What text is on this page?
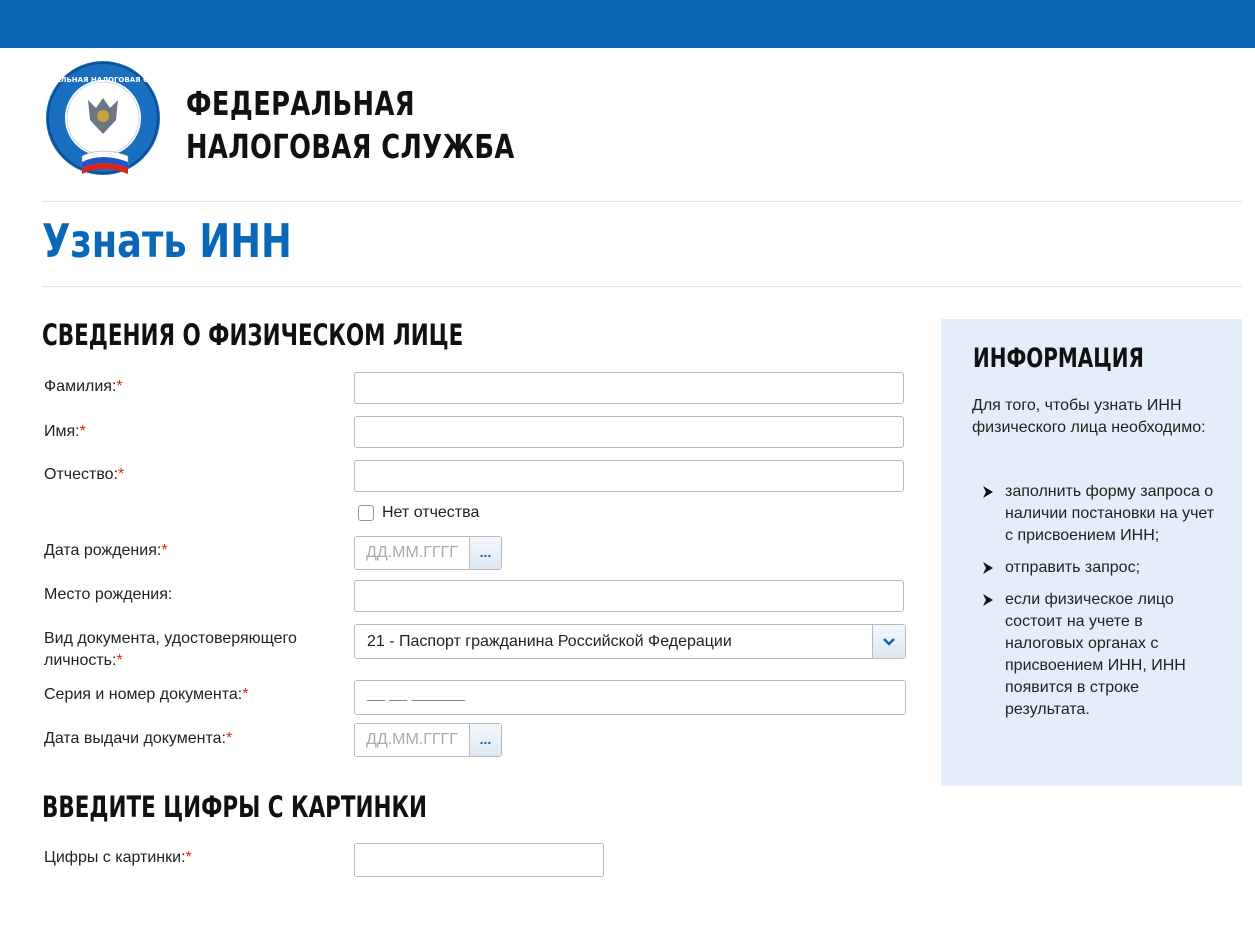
ФЕДЕРАЛЬНАЯ НАЛОГОВАЯ СЛУЖБА
ФЕДЕРАЛЬНАЯ
НАЛОГОВАЯ СЛУЖБА
Узнать ИНН
СВЕДЕНИЯ О ФИЗИЧЕСКОМ ЛИЦЕ
Фамилия:*
Имя:*
Отчество:*
Нет отчества
Дата рождения:*	ДД.ММ.ГГГГ	...
Место рождения:
Вид документа, удостоверяющего
личность:*
21 - Паспорт гражданина Российской Федерации
Серия и номер документа:*	__ __ ______
Дата выдачи документа:*	ДД.ММ.ГГГГ	...
ВВЕДИТЕ ЦИФРЫ С КАРТИНКИ
Цифры с картинки:*
ИНФОРМАЦИЯ
Для того, чтобы узнать ИНН физического лица необходимо:
заполнить форму запроса о наличии постановки на учет с присвоением ИНН;
отправить запрос;
если физическое лицо состоит на учете в налоговых органах с присвоением ИНН, ИНН появится в строке результата.
